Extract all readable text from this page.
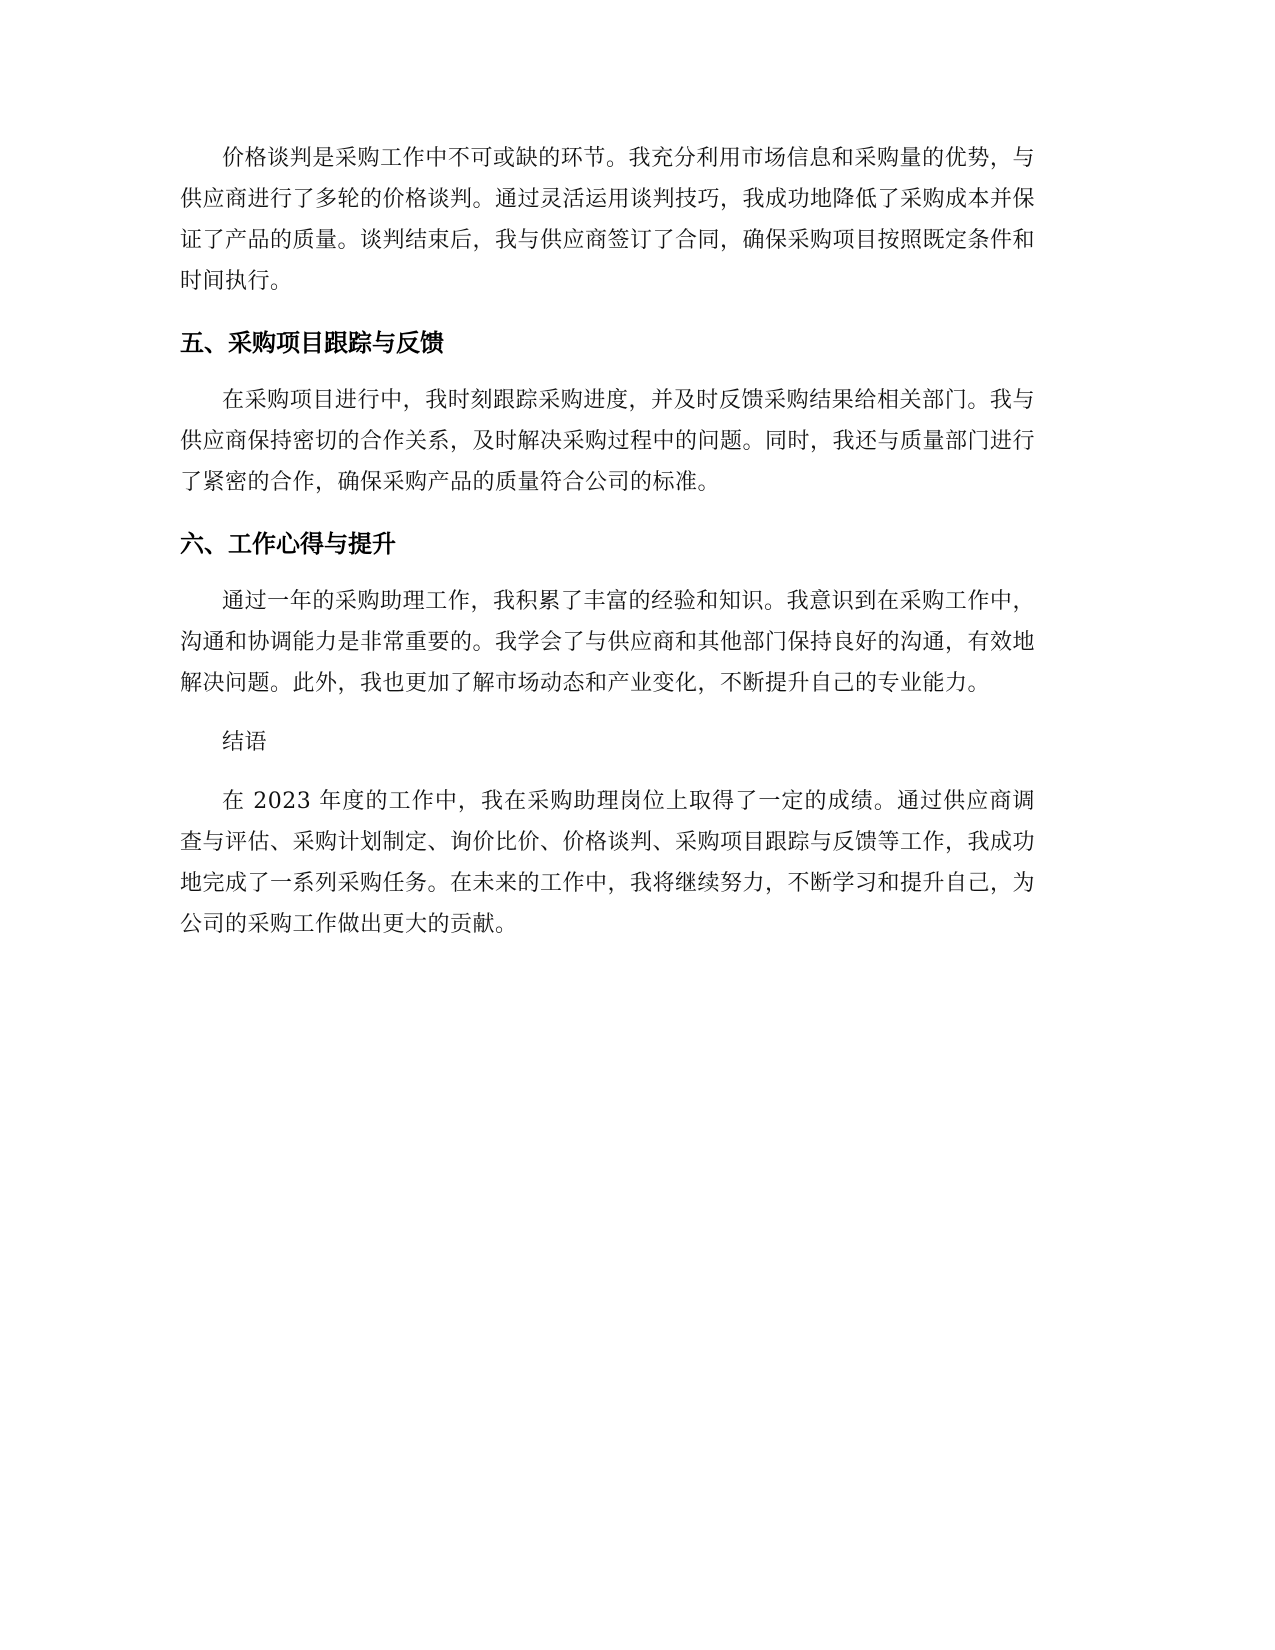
价格谈判是采购工作中不可或缺的环节。我充分利用市场信息和采购量的优势，与供应商进行了多轮的价格谈判。通过灵活运用谈判技巧，我成功地降低了采购成本并保证了产品的质量。谈判结束后，我与供应商签订了合同，确保采购项目按照既定条件和时间执行。

五、采购项目跟踪与反馈

在采购项目进行中，我时刻跟踪采购进度，并及时反馈采购结果给相关部门。我与供应商保持密切的合作关系，及时解决采购过程中的问题。同时，我还与质量部门进行了紧密的合作，确保采购产品的质量符合公司的标准。

六、工作心得与提升

通过一年的采购助理工作，我积累了丰富的经验和知识。我意识到在采购工作中，沟通和协调能力是非常重要的。我学会了与供应商和其他部门保持良好的沟通，有效地解决问题。此外，我也更加了解市场动态和产业变化，不断提升自己的专业能力。

结语

在 2023 年度的工作中，我在采购助理岗位上取得了一定的成绩。通过供应商调查与评估、采购计划制定、询价比价、价格谈判、采购项目跟踪与反馈等工作，我成功地完成了一系列采购任务。在未来的工作中，我将继续努力，不断学习和提升自己，为公司的采购工作做出更大的贡献。
